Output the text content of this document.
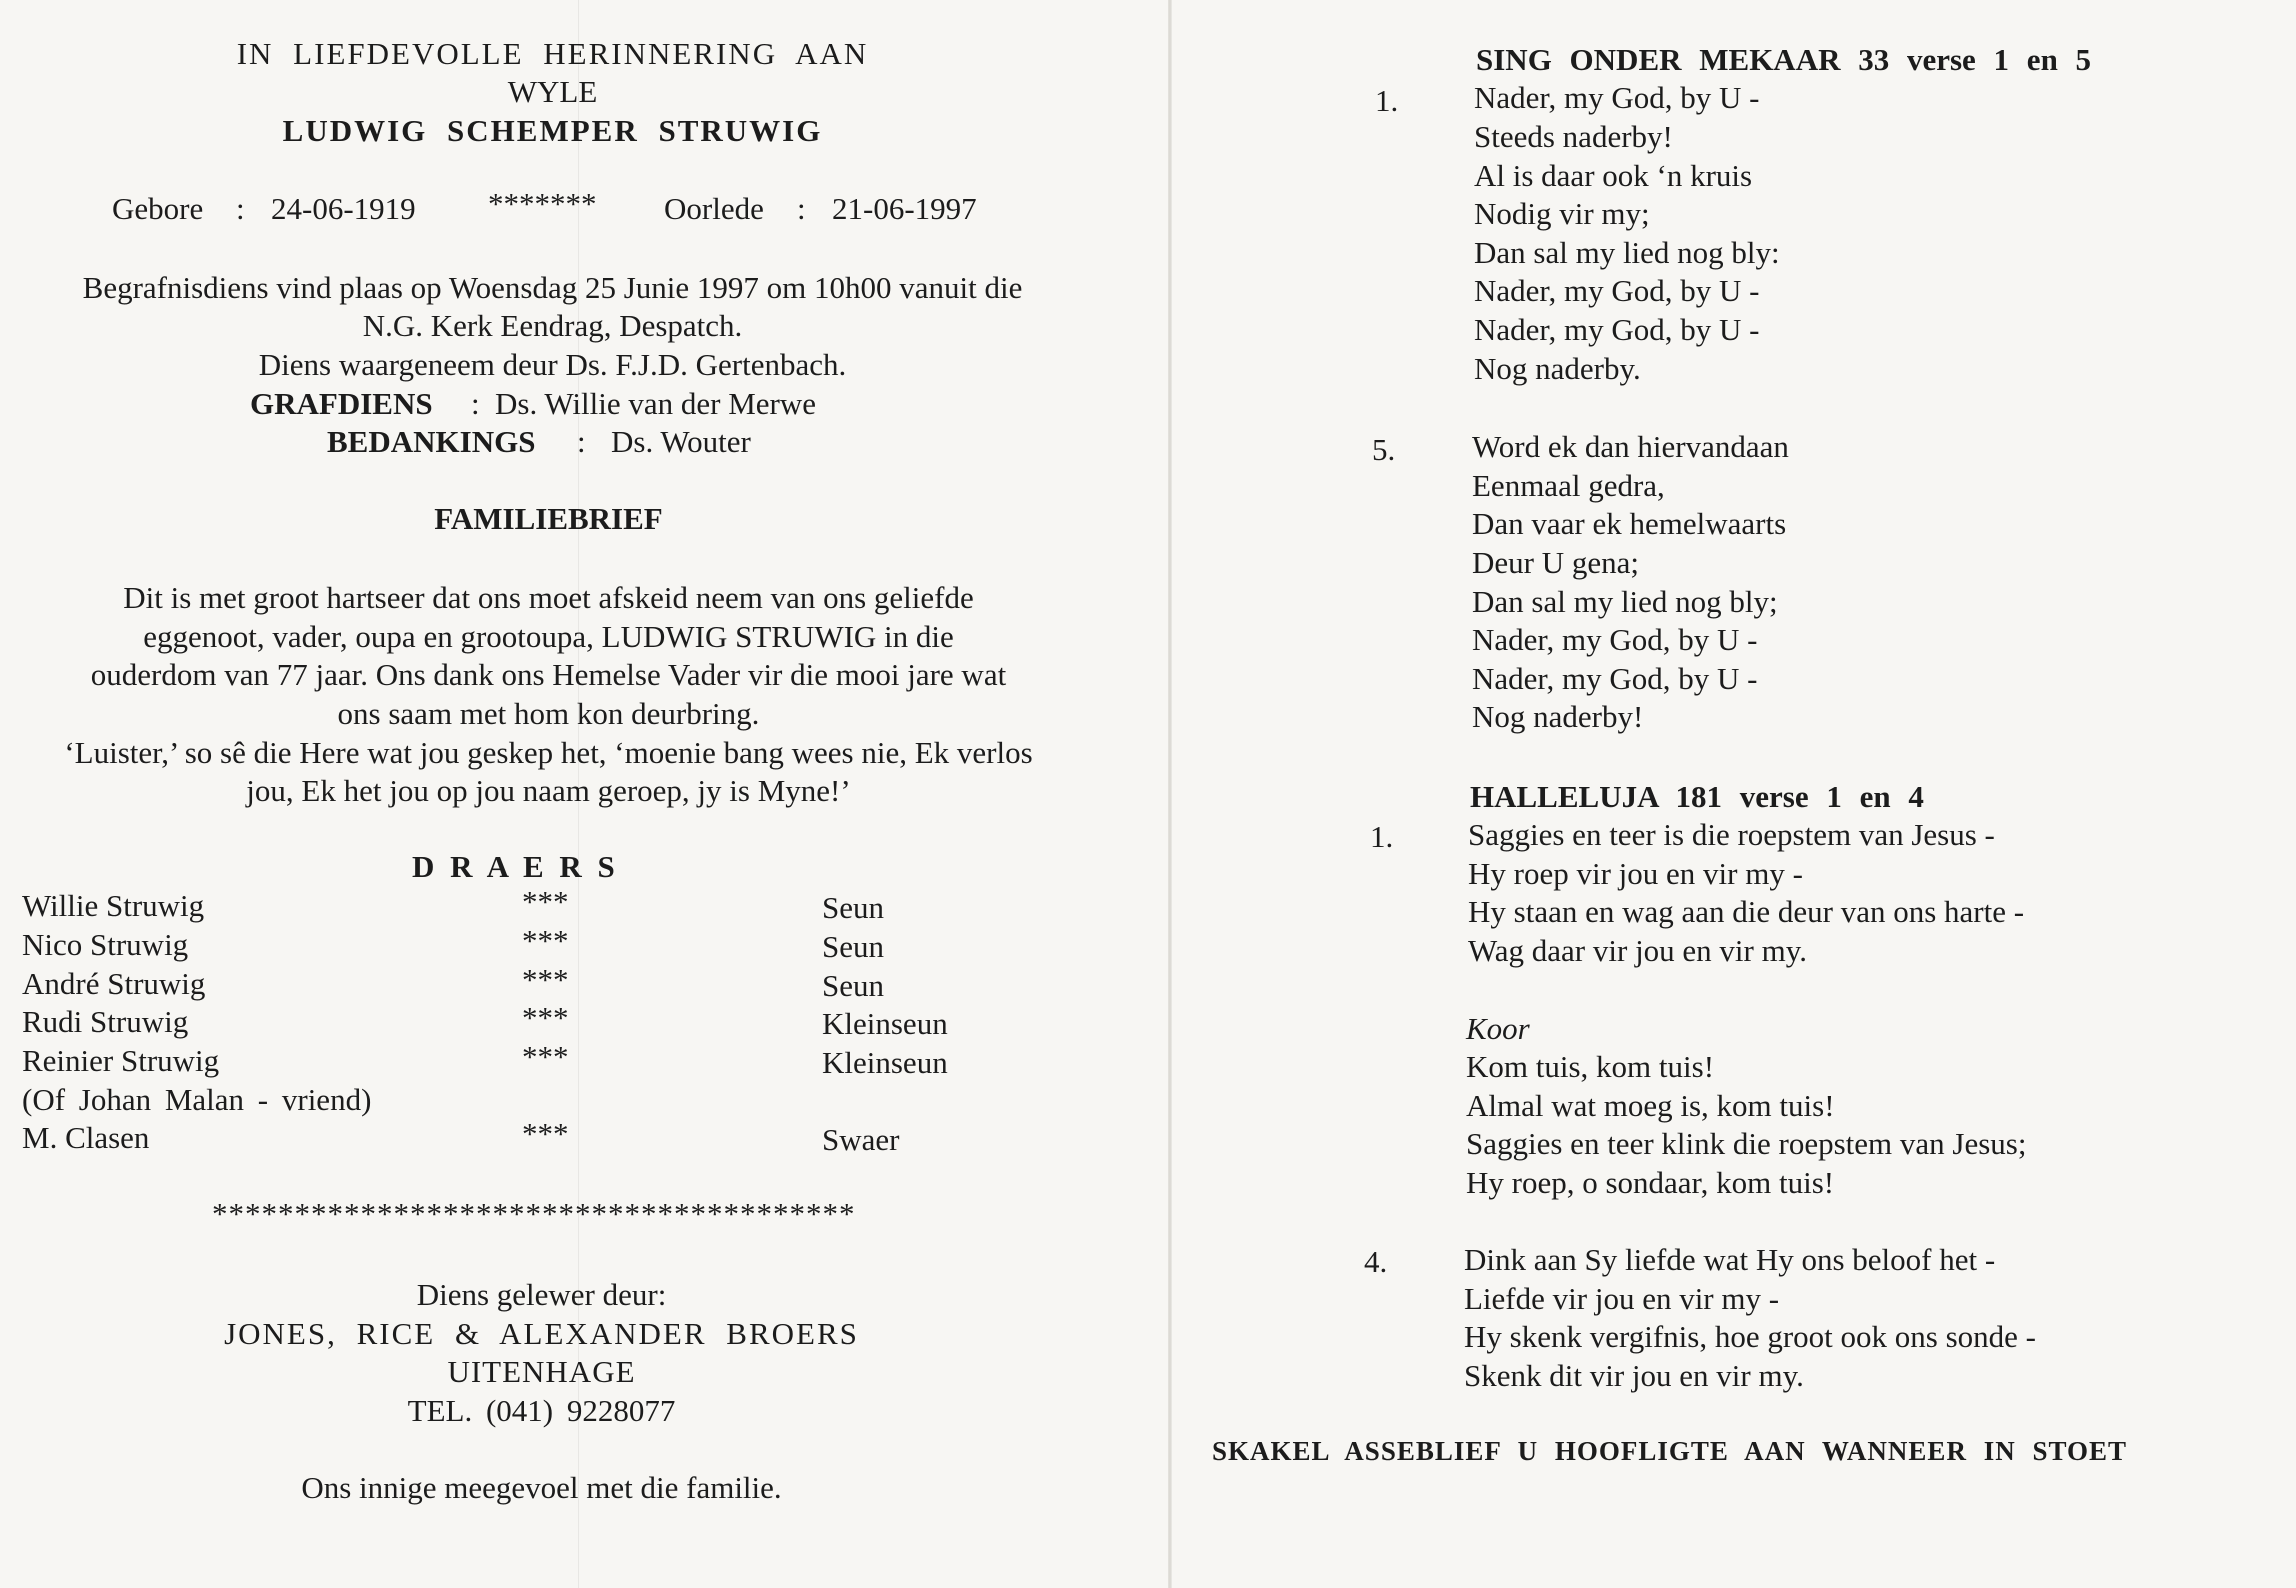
IN LIEFDEVOLLE HERINNERING AAN
WYLE
LUDWIG SCHEMPER STRUWIG
Gebore : 24-06-1919 ******* Oorlede : 21-06-1997
Begrafnisdiens vind plaas op Woensdag 25 Junie 1997 om 10h00 vanuit die
N.G. Kerk Eendrag, Despatch.
Diens waargeneem deur Ds. F.J.D. Gertenbach.
GRAFDIENS : Ds. Willie van der Merwe
BEDANKINGS : Ds. Wouter
FAMILIEBRIEF
Dit is met groot hartseer dat ons moet afskeid neem van ons geliefde
eggenoot, vader, oupa en grootoupa, LUDWIG STRUWIG in die
ouderdom van 77 jaar. Ons dank ons Hemelse Vader vir die mooi jare wat
ons saam met hom kon deurbring.
‘Luister,’ so sê die Here wat jou geskep het, ‘moenie bang wees nie, Ek verlos
jou, Ek het jou op jou naam geroep, jy is Myne!’
D R A E R S
Willie Struwig	***	Seun
Nico Struwig	***	Seun
André Struwig	***	Seun
Rudi Struwig	***	Kleinseun
Reinier Struwig	***	Kleinseun
(Of Johan Malan - vriend)
M. Clasen	***	Swaer
***************************************
Diens gelewer deur:
JONES, RICE & ALEXANDER BROERS
UITENHAGE
TEL. (041) 9228077
Ons innige meegevoel met die familie.
SING ONDER MEKAAR 33 verse 1 en 5
1. Nader, my God, by U -
Steeds naderby!
Al is daar ook ‘n kruis
Nodig vir my;
Dan sal my lied nog bly:
Nader, my God, by U -
Nader, my God, by U -
Nog naderby.
5. Word ek dan hiervandaan
Eenmaal gedra,
Dan vaar ek hemelwaarts
Deur U gena;
Dan sal my lied nog bly;
Nader, my God, by U -
Nader, my God, by U -
Nog naderby!
HALLELUJA 181 verse 1 en 4
1. Saggies en teer is die roepstem van Jesus -
Hy roep vir jou en vir my -
Hy staan en wag aan die deur van ons harte -
Wag daar vir jou en vir my.
Koor
Kom tuis, kom tuis!
Almal wat moeg is, kom tuis!
Saggies en teer klink die roepstem van Jesus;
Hy roep, o sondaar, kom tuis!
4. Dink aan Sy liefde wat Hy ons beloof het -
Liefde vir jou en vir my -
Hy skenk vergifnis, hoe groot ook ons sonde -
Skenk dit vir jou en vir my.
SKAKEL ASSEBLIEF U HOOFLIGTE AAN WANNEER IN STOET
